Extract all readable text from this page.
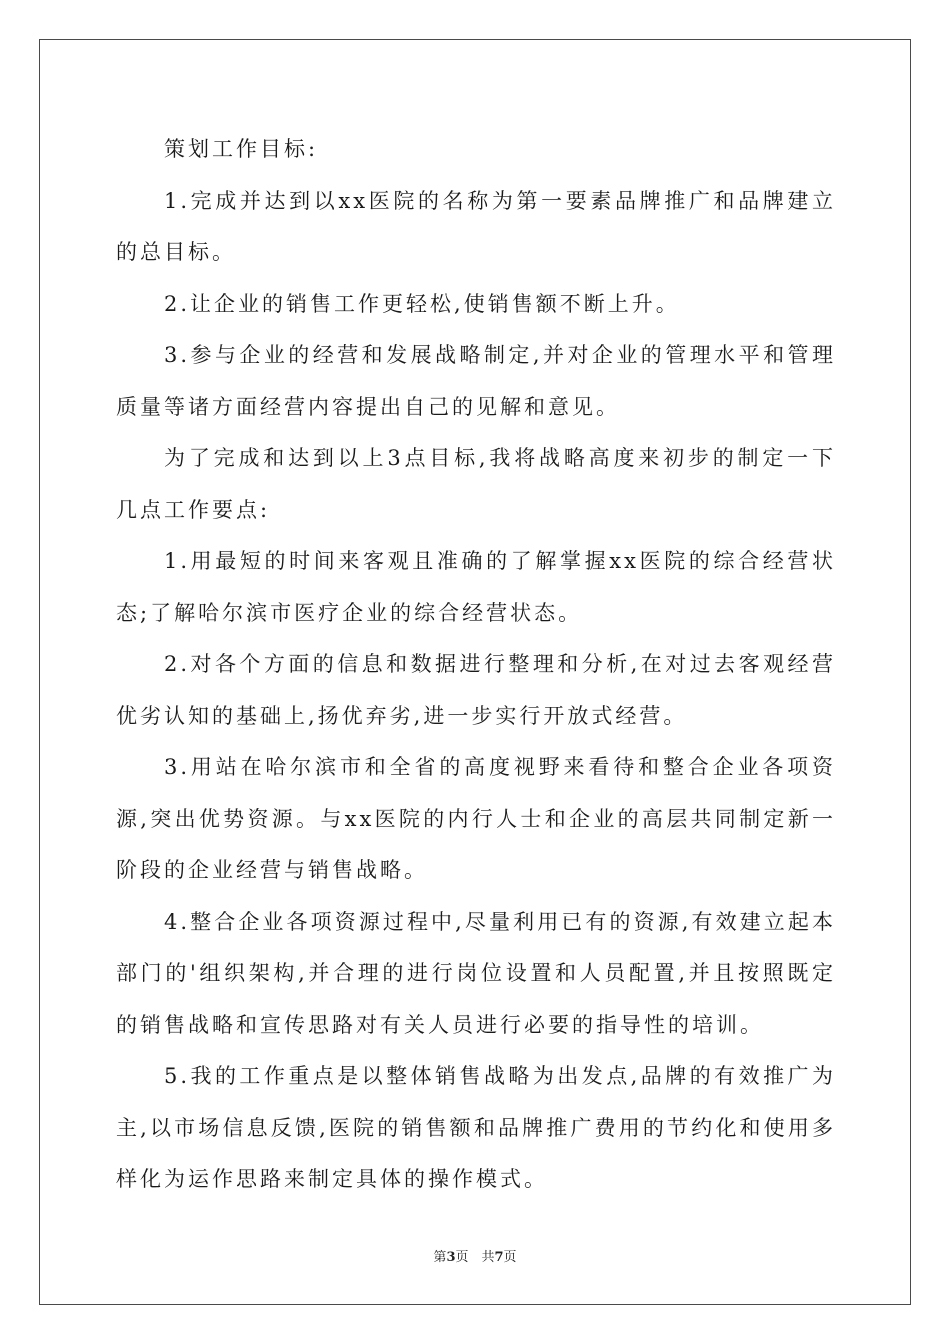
策划工作目标:

1.完成并达到以xx医院的名称为第一要素品牌推广和品牌建立的总目标。

2.让企业的销售工作更轻松,使销售额不断上升。

3.参与企业的经营和发展战略制定,并对企业的管理水平和管理质量等诸方面经营内容提出自己的见解和意见。

为了完成和达到以上3点目标,我将战略高度来初步的制定一下几点工作要点:

1.用最短的时间来客观且准确的了解掌握xx医院的综合经营状态;了解哈尔滨市医疗企业的综合经营状态。

2.对各个方面的信息和数据进行整理和分析,在对过去客观经营优劣认知的基础上,扬优弃劣,进一步实行开放式经营。

3.用站在哈尔滨市和全省的高度视野来看待和整合企业各项资源,突出优势资源。与xx医院的内行人士和企业的高层共同制定新一阶段的企业经营与销售战略。

4.整合企业各项资源过程中,尽量利用已有的资源,有效建立起本部门的'组织架构,并合理的进行岗位设置和人员配置,并且按照既定的销售战略和宣传思路对有关人员进行必要的指导性的培训。

5.我的工作重点是以整体销售战略为出发点,品牌的有效推广为主,以市场信息反馈,医院的销售额和品牌推广费用的节约化和使用多样化为运作思路来制定具体的操作模式。

第3页　共7页
